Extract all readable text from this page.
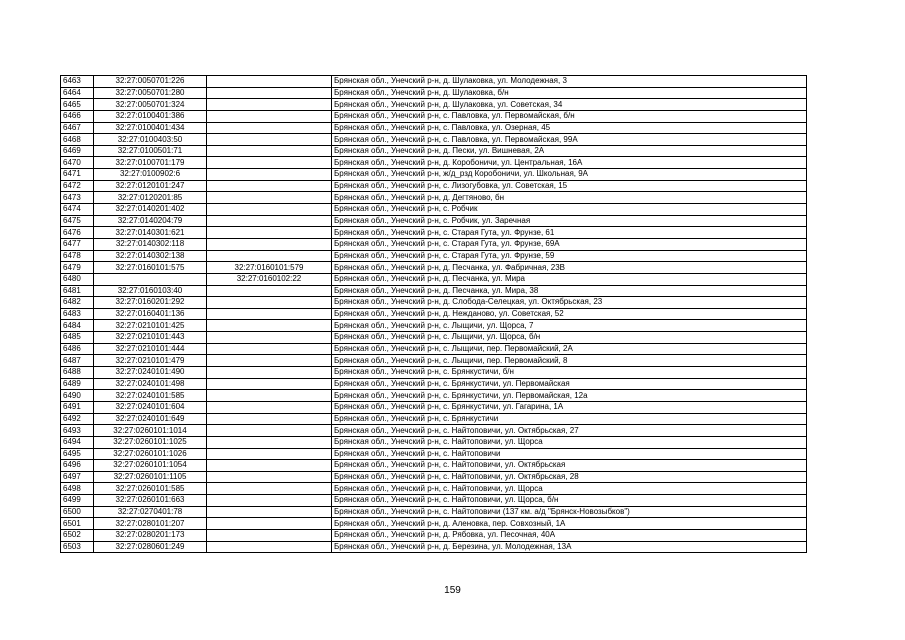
6463	32:27:0050701:226		Брянская обл., Унечский р-н, д. Шулаковка, ул. Молодежная, 3
6464	32:27:0050701:280		Брянская обл., Унечский р-н, д. Шулаковка, б/н
6465	32:27:0050701:324		Брянская обл., Унечский р-н, д. Шулаковка, ул. Советская, 34
6466	32:27:0100401:386		Брянская обл., Унечский р-н, с. Павловка, ул. Первомайская, б/н
6467	32:27:0100401:434		Брянская обл., Унечский р-н, с. Павловка, ул. Озерная, 45
6468	32:27:0100403:50		Брянская обл., Унечский р-н, с. Павловка, ул. Первомайская, 99А
6469	32:27:0100501:71		Брянская обл., Унечский р-н, д. Пески, ул. Вишневая, 2А
6470	32:27:0100701:179		Брянская обл., Унечский р-н, д. Коробоничи, ул. Центральная, 16А
6471	32:27:0100902:6		Брянская обл., Унечский р-н, ж/д_рзд Коробоничи, ул. Школьная, 9А
6472	32:27:0120101:247		Брянская обл., Унечский р-н, с. Лизогубовка, ул. Советская, 15
6473	32:27:0120201:85		Брянская обл., Унечский р-н, д. Дегтяново, бн
6474	32:27:0140201:402		Брянская обл., Унечский р-н, с. Робчик
6475	32:27:0140204:79		Брянская обл., Унечский р-н, с. Робчик, ул. Заречная
6476	32:27:0140301:621		Брянская обл., Унечский р-н, с. Старая Гута, ул. Фрунзе, 61
6477	32:27:0140302:118		Брянская обл., Унечский р-н, с. Старая Гута, ул. Фрунзе, 69А
6478	32:27:0140302:138		Брянская обл., Унечский р-н, с. Старая Гута, ул. Фрунзе, 59
6479	32:27:0160101:575	32:27:0160101:579	Брянская обл., Унечский р-н, д. Песчанка, ул. Фабричная, 23В
6480		32:27:0160102:22	Брянская обл., Унечский р-н, д. Песчанка, ул. Мира
6481	32:27:0160103:40		Брянская обл., Унечский р-н, д. Песчанка, ул. Мира, 38
6482	32:27:0160201:292		Брянская обл., Унечский р-н, д. Слобода-Селецкая, ул. Октябрьская, 23
6483	32:27:0160401:136		Брянская обл., Унечский р-н, д. Нежданово, ул. Советская, 52
6484	32:27:0210101:425		Брянская обл., Унечский р-н, с. Лыщичи, ул. Щорса, 7
6485	32:27:0210101:443		Брянская обл., Унечский р-н, с. Лыщичи, ул. Щорса, б/н
6486	32:27:0210101:444		Брянская обл., Унечский р-н, с. Лыщичи, пер. Первомайский, 2А
6487	32:27:0210101:479		Брянская обл., Унечский р-н, с. Лыщичи, пер. Первомайский, 8
6488	32:27:0240101:490		Брянская обл., Унечский р-н, с. Брянкустичи, б/н
6489	32:27:0240101:498		Брянская обл., Унечский р-н, с. Брянкустичи, ул. Первомайская
6490	32:27:0240101:585		Брянская обл., Унечский р-н, с. Брянкустичи, ул. Первомайская, 12а
6491	32:27:0240101:604		Брянская обл., Унечский р-н, с. Брянкустичи, ул. Гагарина, 1А
6492	32:27:0240101:649		Брянская обл., Унечский р-н, с. Брянкустичи
6493	32:27:0260101:1014		Брянская обл., Унечский р-н, с. Найтоповичи, ул. Октябрьская, 27
6494	32:27:0260101:1025		Брянская обл., Унечский р-н, с. Найтоповичи, ул. Щорса
6495	32:27:0260101:1026		Брянская обл., Унечский р-н, с. Найтоповичи
6496	32:27:0260101:1054		Брянская обл., Унечский р-н, с. Найтоповичи, ул. Октябрьская
6497	32:27:0260101:1105		Брянская обл., Унечский р-н, с. Найтоповичи, ул. Октябрьская, 28
6498	32:27:0260101:585		Брянская обл., Унечский р-н, с. Найтоповичи, ул. Щорса
6499	32:27:0260101:663		Брянская обл., Унечский р-н, с. Найтоповичи, ул. Щорса, б/н
6500	32:27:0270401:78		Брянская обл., Унечский р-н, с. Найтоповичи (137 км. а/д "Брянск-Новозыбков")
6501	32:27:0280101:207		Брянская обл., Унечский р-н, д. Аленовка, пер. Совхозный, 1А
6502	32:27:0280201:173		Брянская обл., Унечский р-н, д. Рябовка, ул. Песочная, 40А
6503	32:27:0280601:249		Брянская обл., Унечский р-н, д. Березина, ул. Молодежная, 13А
159
